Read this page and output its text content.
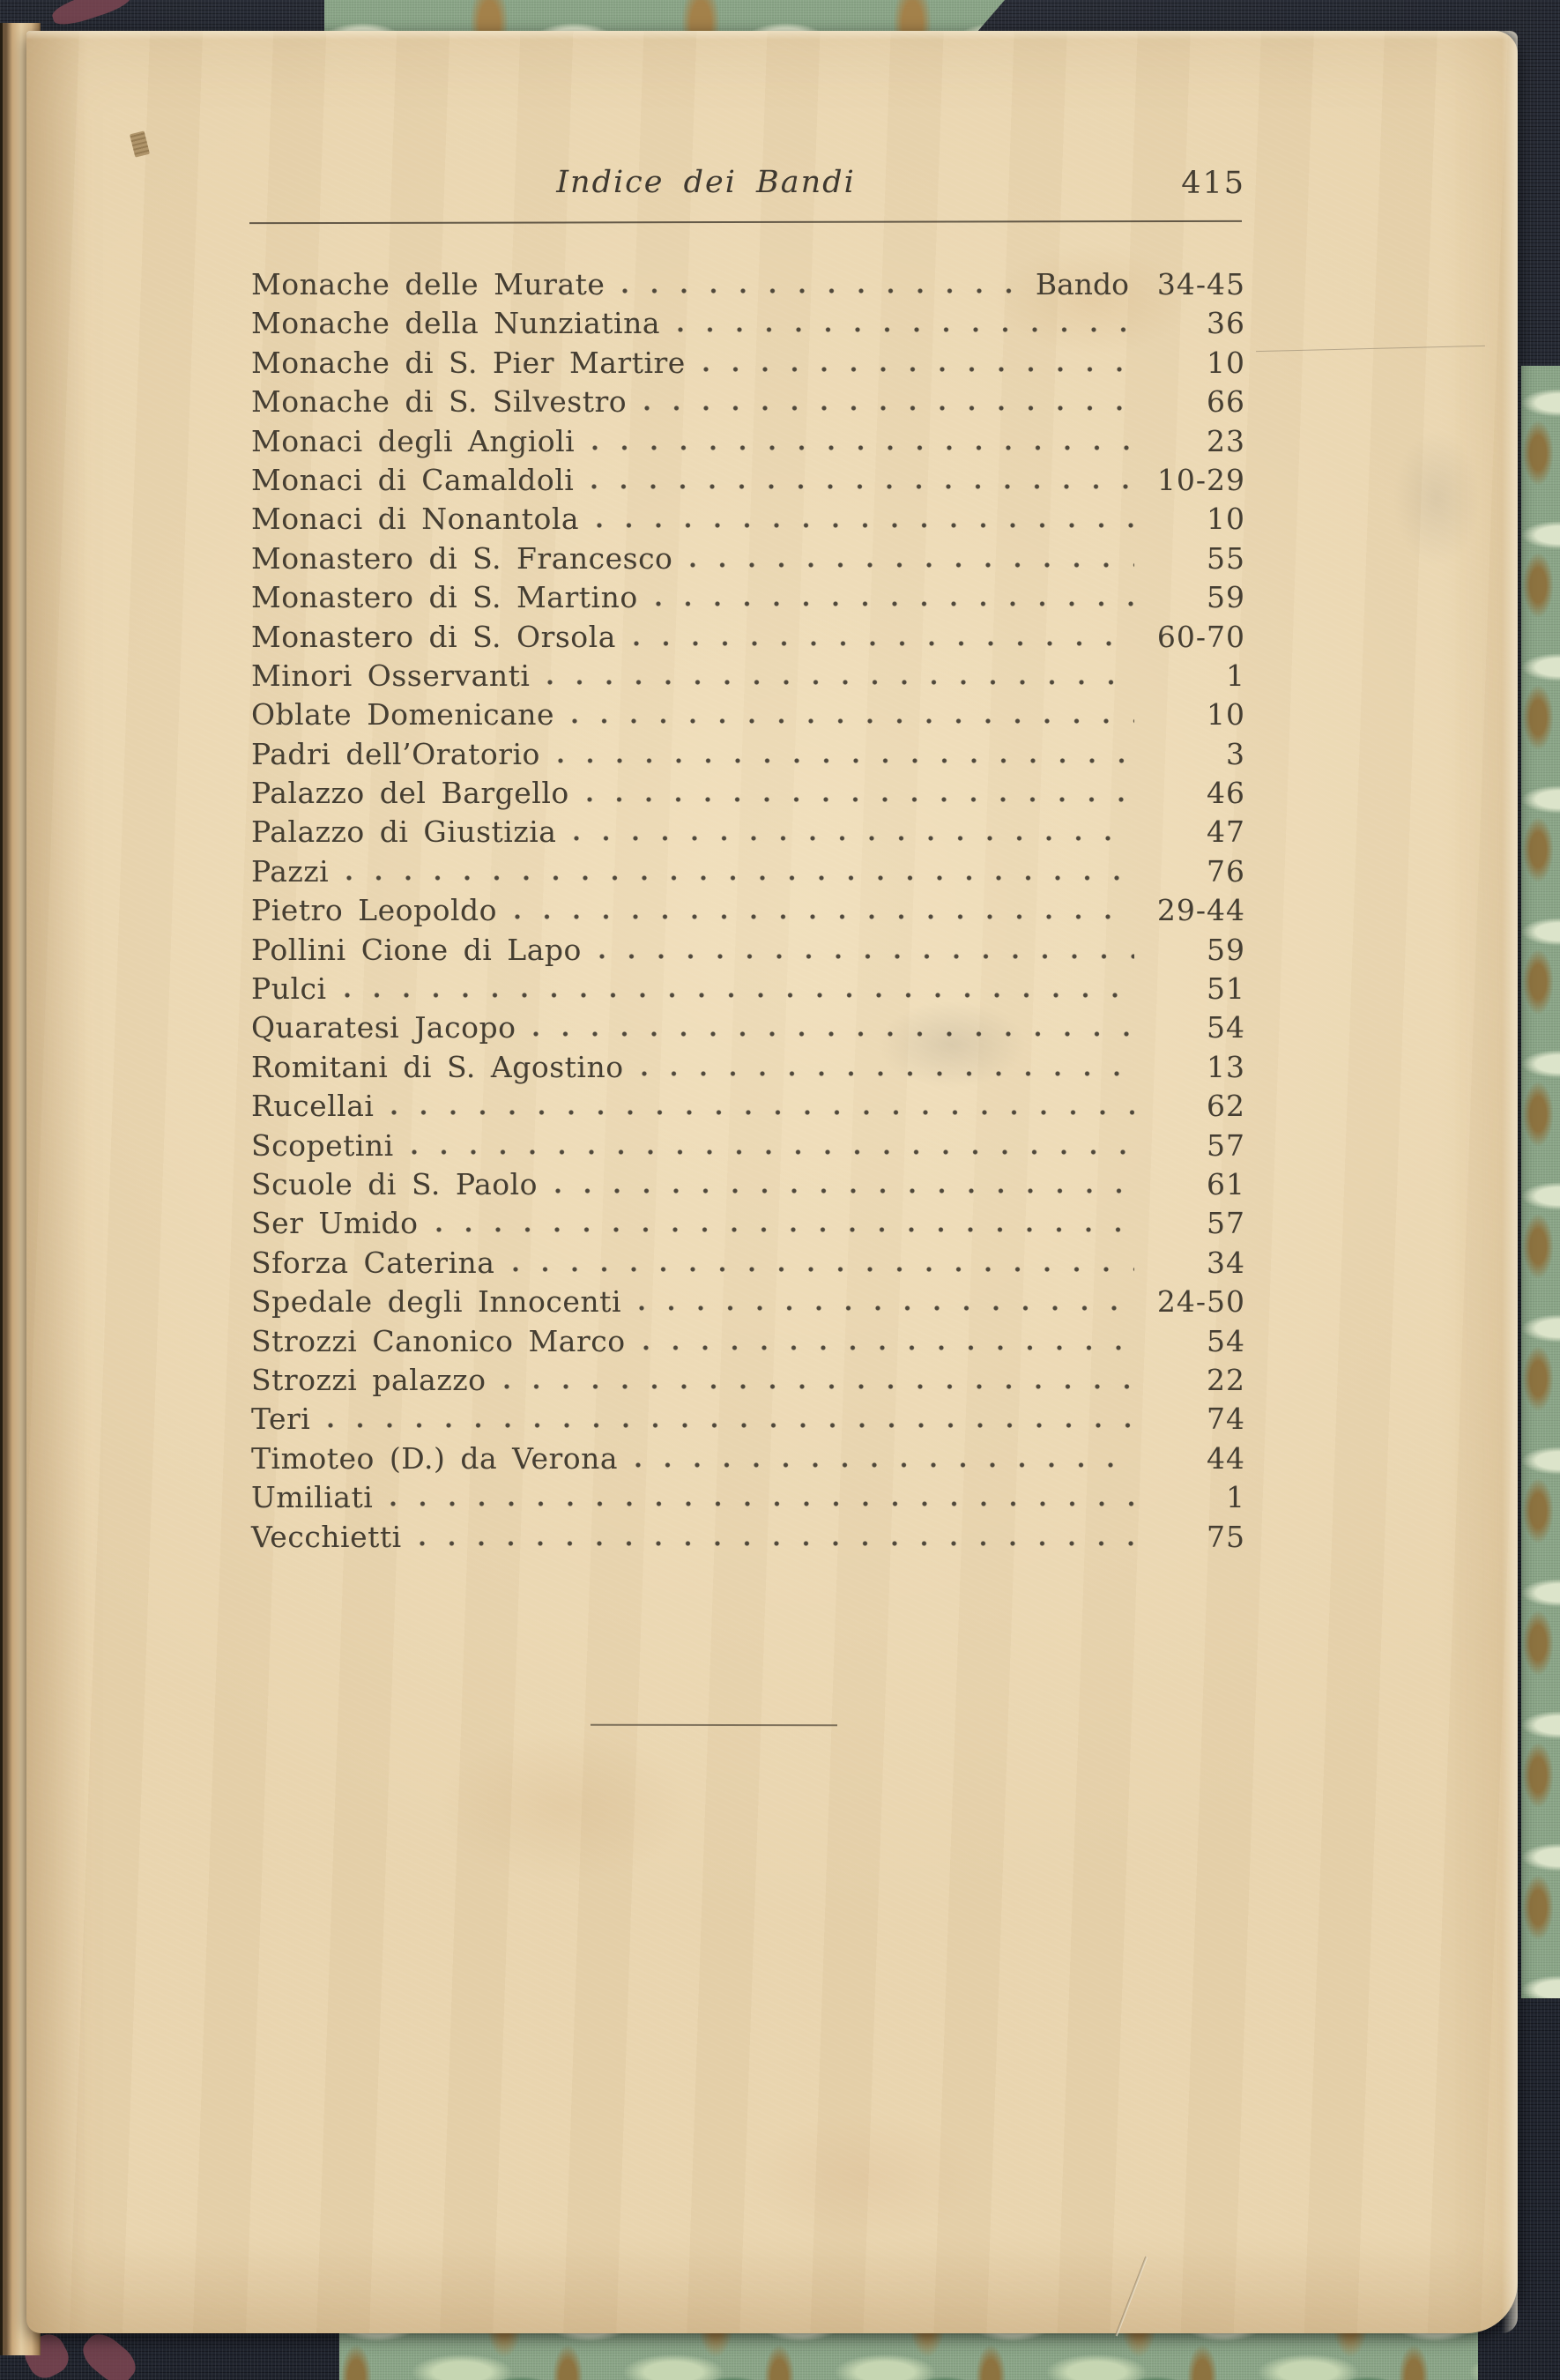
Indice dei Bandi	415
Monache delle Murate	Bando 34-45
Monache della Nunziatina	36
Monache di S. Pier Martire	10
Monache di S. Silvestro	66
Monaci degli Angioli	23
Monaci di Camaldoli	10-29
Monaci di Nonantola	10
Monastero di S. Francesco	55
Monastero di S. Martino	59
Monastero di S. Orsola	60-70
Minori Osservanti	1
Oblate Domenicane	10
Padri dell’Oratorio	3
Palazzo del Bargello	46
Palazzo di Giustizia	47
Pazzi	76
Pietro Leopoldo	29-44
Pollini Cione di Lapo	59
Pulci	51
Quaratesi Jacopo	54
Romitani di S. Agostino	13
Rucellai	62
Scopetini	57
Scuole di S. Paolo	61
Ser Umido	57
Sforza Caterina	34
Spedale degli Innocenti	24-50
Strozzi Canonico Marco	54
Strozzi palazzo	22
Teri	74
Timoteo (D.) da Verona	44
Umiliati	1
Vecchietti	75
